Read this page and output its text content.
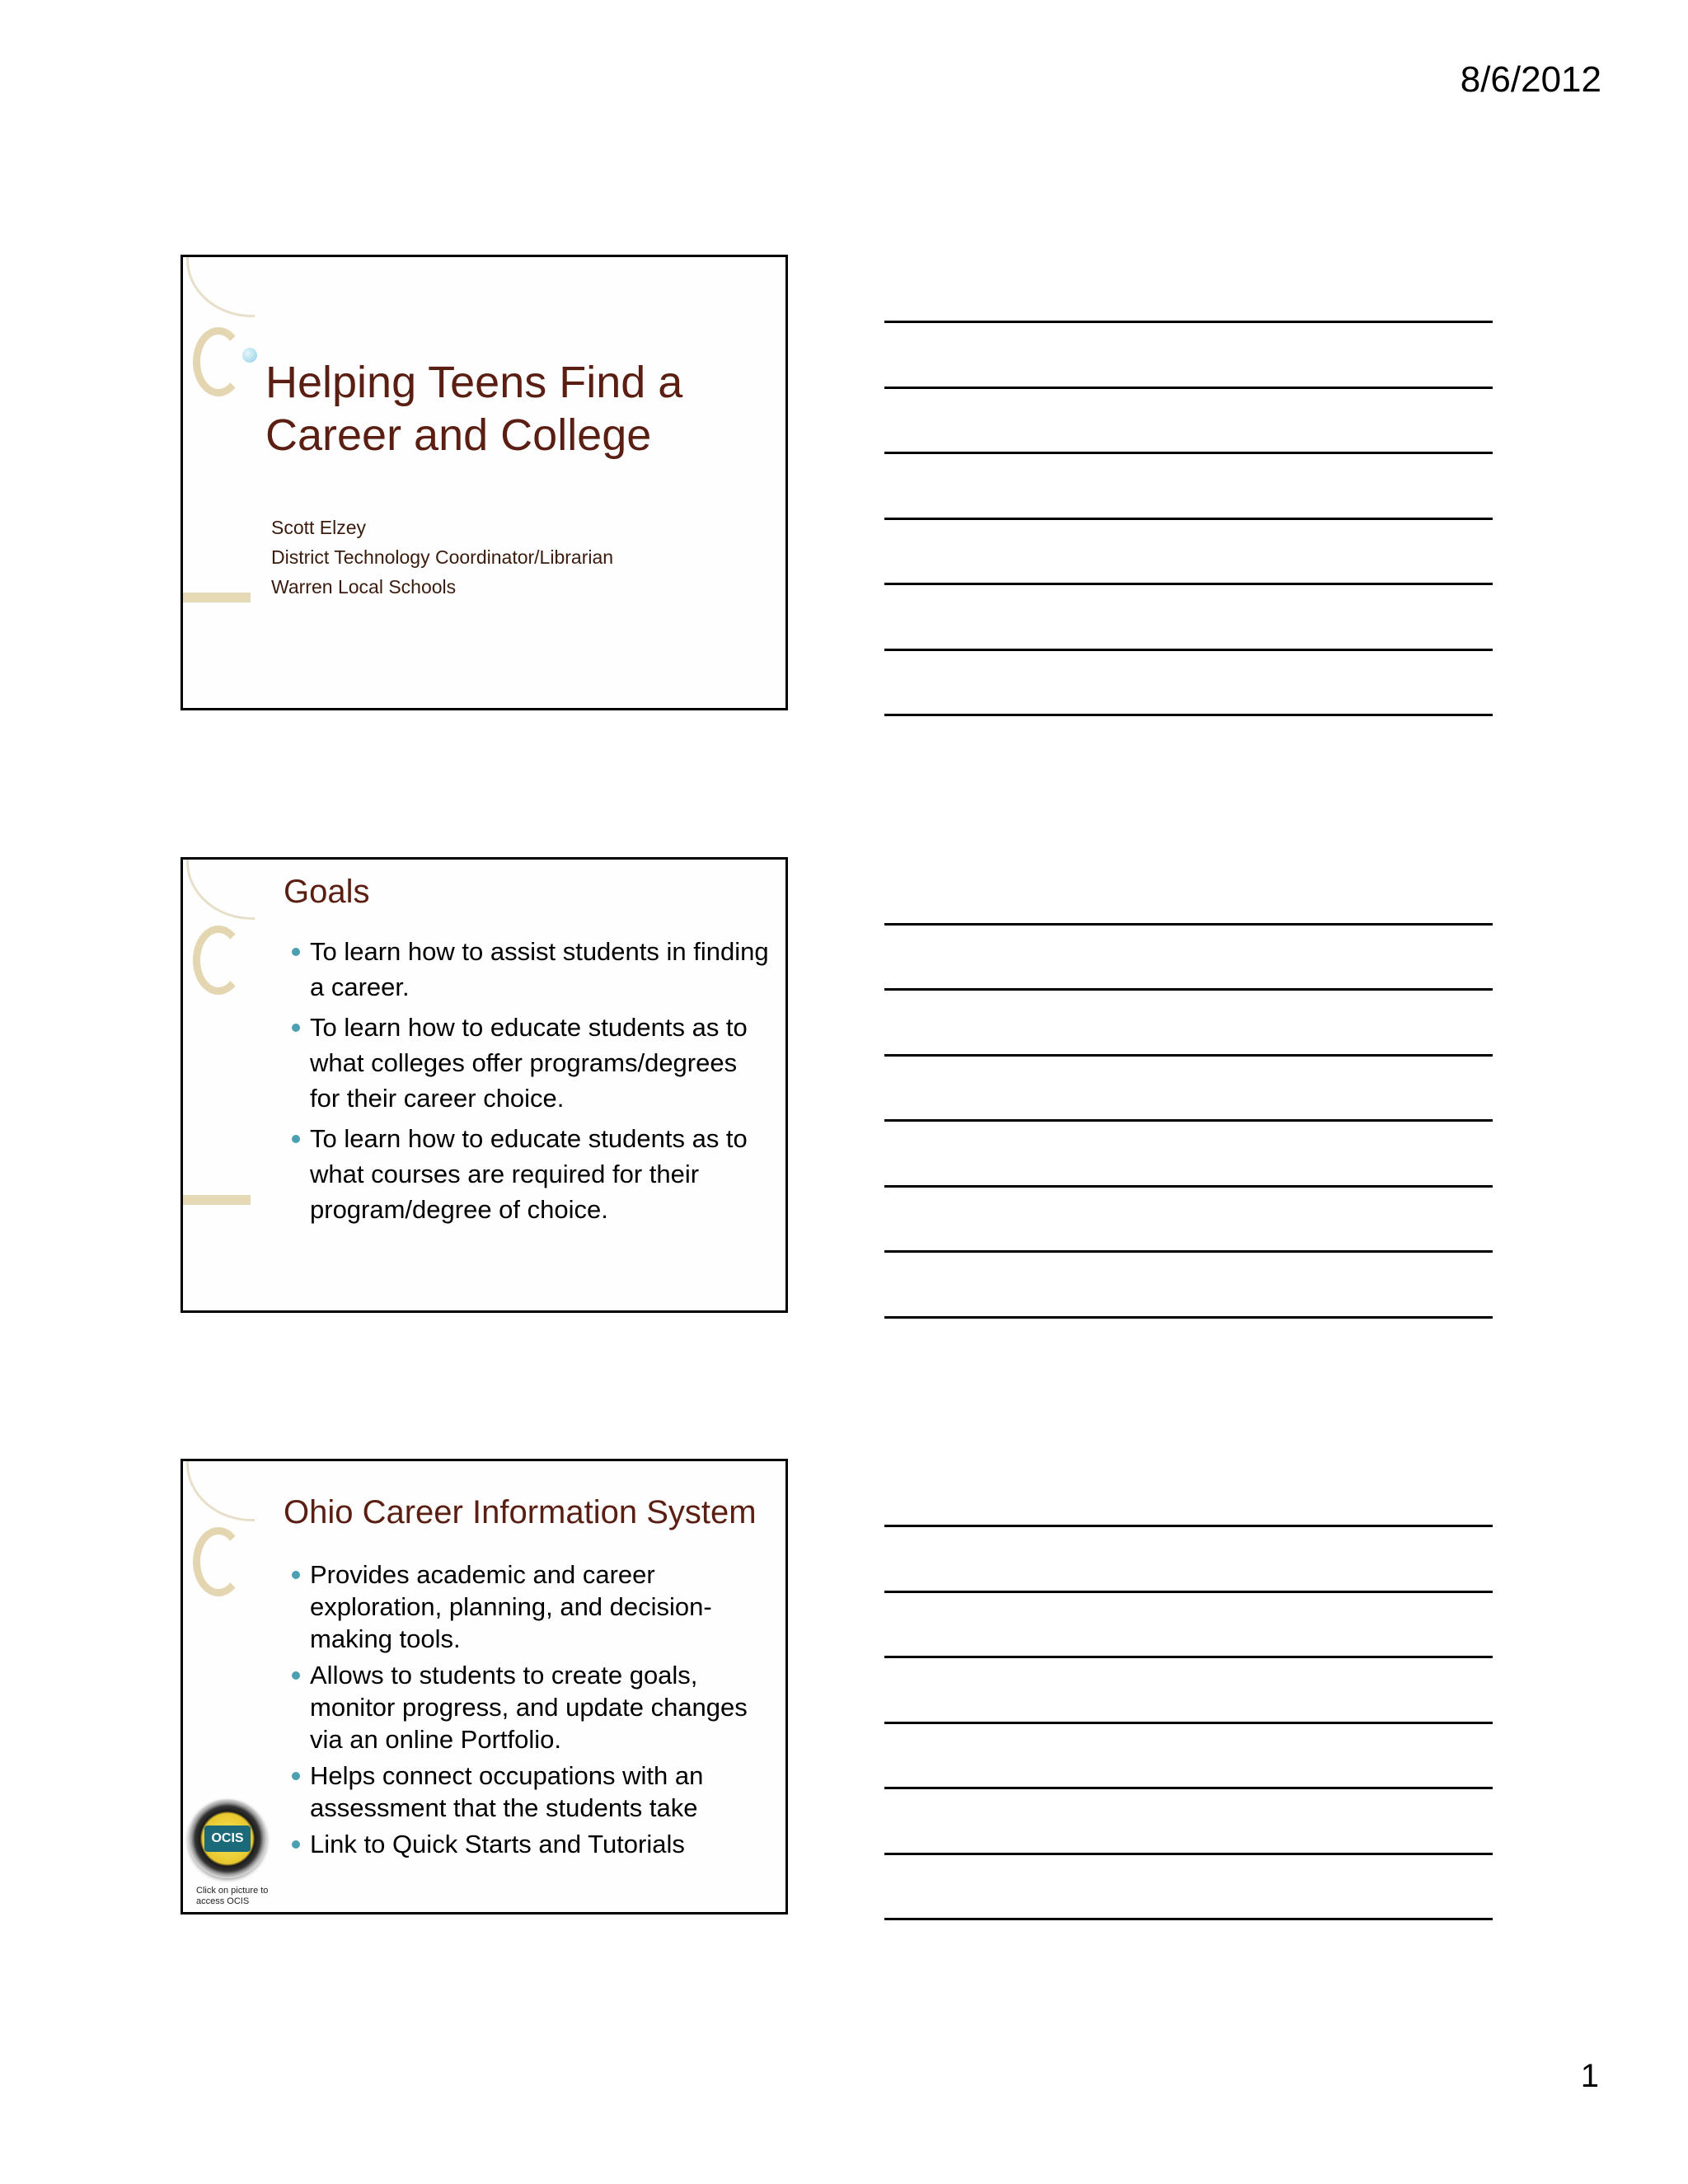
8/6/2012
Helping Teens Find a Career and College
Scott Elzey
District Technology Coordinator/Librarian
Warren Local Schools
Goals
To learn how to assist students in finding a career.
To learn how to educate students as to what colleges offer programs/degrees for their career choice.
To learn how to educate students as to what courses are required for their program/degree of choice.
Ohio Career Information System
Provides academic and career exploration, planning, and decision-making tools.
Allows to students to create goals, monitor progress, and update changes via an online Portfolio.
Helps connect occupations with an assessment that the students take
Link to Quick Starts and Tutorials
OCIS
Click on picture to access OCIS
1
